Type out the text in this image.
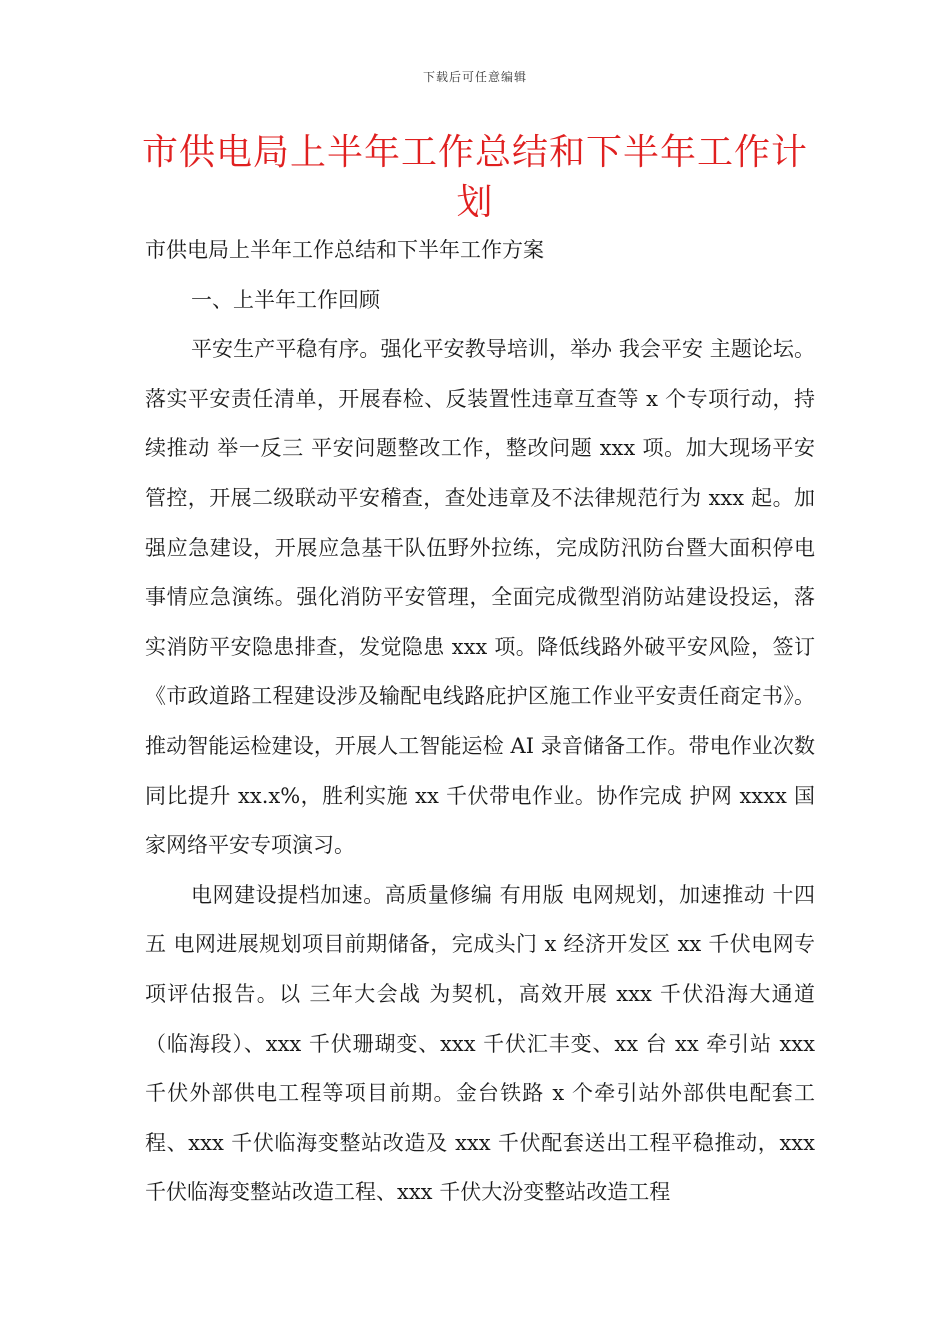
下载后可任意编辑
市供电局上半年工作总结和下半年工作计划

市供电局上半年工作总结和下半年工作方案

一、上半年工作回顾

平安生产平稳有序。强化平安教导培训，举办 我会平安 主题论坛。落实平安责任清单，开展春检、反装置性违章互查等 x 个专项行动，持续推动 举一反三 平安问题整改工作，整改问题 xxx 项。加大现场平安管控，开展二级联动平安稽查，查处违章及不法律规范行为 xxx 起。加强应急建设，开展应急基干队伍野外拉练，完成防汛防台暨大面积停电事情应急演练。强化消防平安管理，全面完成微型消防站建设投运，落实消防平安隐患排查，发觉隐患 xxx 项。降低线路外破平安风险，签订《市政道路工程建设涉及输配电线路庇护区施工作业平安责任商定书》。推动智能运检建设，开展人工智能运检 AI 录音储备工作。带电作业次数同比提升 xx.x%，胜利实施 xx 千伏带电作业。协作完成 护网 xxxx 国家网络平安专项演习。

电网建设提档加速。高质量修编 有用版 电网规划，加速推动 十四五 电网进展规划项目前期储备，完成头门 x 经济开发区 xx 千伏电网专项评估报告。以 三年大会战 为契机，高效开展 xxx 千伏沿海大通道（临海段）、xxx 千伏珊瑚变、xxx 千伏汇丰变、xx 台 xx 牵引站 xxx 千伏外部供电工程等项目前期。金台铁路 x 个牵引站外部供电配套工程、xxx 千伏临海变整站改造及 xxx 千伏配套送出工程平稳推动，xxx 千伏临海变整站改造工程、xxx 千伏大汾变整站改造工程
